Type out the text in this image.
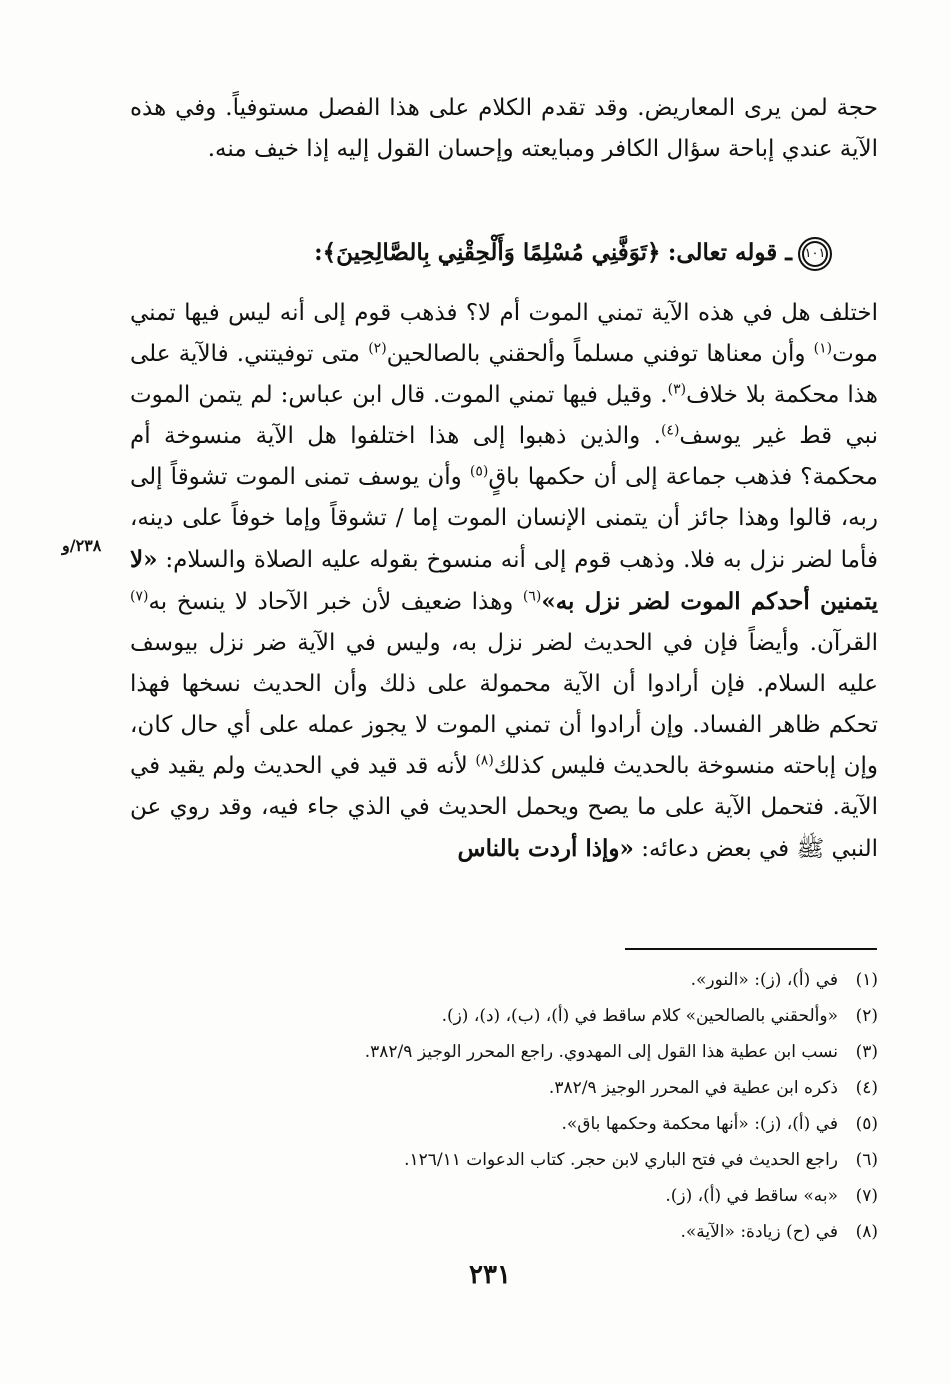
حجة لمن يرى المعاريض. وقد تقدم الكلام على هذا الفصل مستوفياً. وفي هذه الآية عندي إباحة سؤال الكافر ومبايعته وإحسان القول إليه إذا خيف منه.

١٠١ـ قوله تعالى: ﴿تَوَفَّنِي مُسْلِمًا وَأَلْحِقْنِي بِالصَّالِحِينَ﴾:

اختلف هل في هذه الآية تمني الموت أم لا؟ فذهب قوم إلى أنه ليس فيها تمني موت$^{(١)}$ وأن معناها توفني مسلماً وألحقني بالصالحين$^{(٢)}$ متى توفيتني. فالآية على هذا محكمة بلا خلاف$^{(٣)}$. وقيل فيها تمني الموت. قال ابن عباس: لم يتمن الموت نبي قط غير يوسف$^{(٤)}$. والذين ذهبوا إلى هذا اختلفوا هل الآية منسوخة أم محكمة؟ فذهب جماعة إلى أن حكمها باقٍ$^{(٥)}$ وأن يوسف تمنى الموت تشوقاً إلى ربه، قالوا وهذا جائز أن يتمنى الإنسان الموت إما / تشوقاً وإما خوفاً على دينه، فأما لضر نزل به فلا. وذهب قوم إلى أنه منسوخ بقوله عليه الصلاة والسلام: «لا يتمنين أحدكم الموت لضر نزل به»$^{(٦)}$ وهذا ضعيف لأن خبر الآحاد لا ينسخ به$^{(٧)}$ القرآن. وأيضاً فإن في الحديث لضر نزل به، وليس في الآية ضر نزل بيوسف عليه السلام. فإن أرادوا أن الآية محمولة على ذلك وأن الحديث نسخها فهذا تحكم ظاهر الفساد. وإن أرادوا أن تمني الموت لا يجوز عمله على أي حال كان، وإن إباحته منسوخة بالحديث فليس كذلك$^{(٨)}$ لأنه قد قيد في الحديث ولم يقيد في الآية. فتحمل الآية على ما يصح ويحمل الحديث في الذي جاء فيه، وقد روي عن النبي ﷺ في بعض دعائه: «وإذا أردت بالناس

٢٣٨/و
(١)في (أ)، (ز): «النور».
(٢)«وألحقني بالصالحين» كلام ساقط في (أ)، (ب)، (د)، (ز).
(٣)نسب ابن عطية هذا القول إلى المهدوي. راجع المحرر الوجيز ٣٨٢/٩.
(٤)ذكره ابن عطية في المحرر الوجيز ٣٨٢/٩.
(٥)في (أ)، (ز): «أنها محكمة وحكمها باق».
(٦)راجع الحديث في فتح الباري لابن حجر. كتاب الدعوات ١٢٦/١١.
(٧)«به» ساقط في (أ)، (ز).
(٨)في (ح) زيادة: «الآية».
٢٣١
